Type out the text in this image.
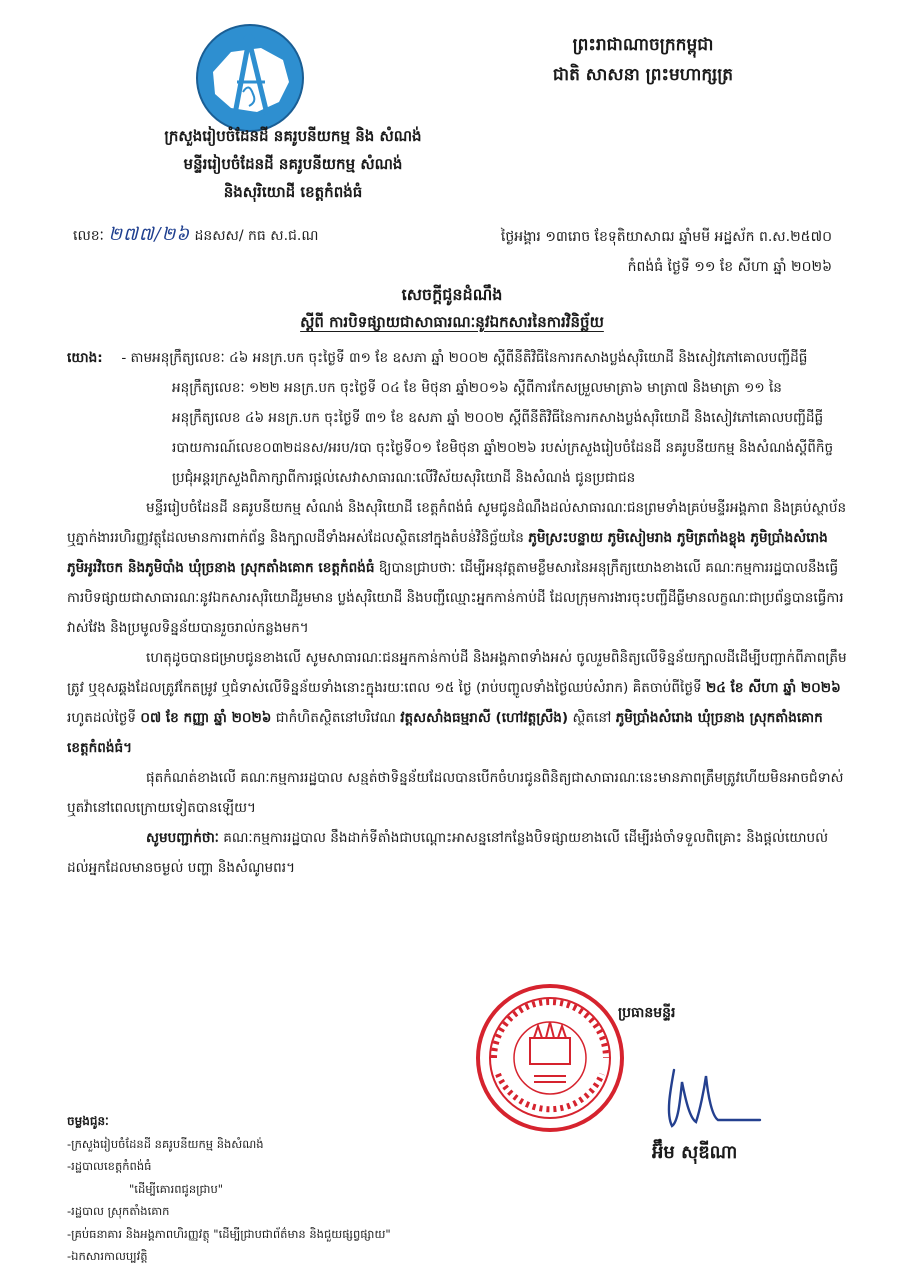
ព្រះរាជាណាចក្រកម្ពុជា
ជាតិ សាសនា ព្រះមហាក្សត្រ
ក្រសួងរៀបចំដែនដី នគរូបនីយកម្ម និង សំណង់
មន្ទីររៀបចំដែនដី នគរូបនីយកម្ម សំណង់
និងសុរិយោដី ខេត្តកំពង់ធំ
លេខៈ ២៧៧/២៦ ដនសស/ កធ ស.ជ.ណ	ថ្ងៃអង្គារ ១៣រោច ខែទុតិយាសាឍ ឆ្នាំមមី អដ្ឋស័ក ព.ស.២៥៧០
កំពង់ធំ ថ្ងៃទី ១១ ខែ សីហា ឆ្នាំ ២០២៦
សេចក្ដីជូនដំណឹង
ស្ដីពី ការបិទផ្សាយជាសាធារណៈនូវឯកសារនៃការវិនិច្ឆ័យ

យោង: - តាមអនុក្រឹត្យលេខៈ ៤៦ អនក្រ.បក ចុះថ្ងៃទី ៣១ ខែ ឧសភា ឆ្នាំ ២០០២ ស្ដីពីនីតិវិធីនៃការកសាងប្លង់សុរិយោដី និងសៀវភៅគោលបញ្ជីដីធ្លី

អនុក្រឹត្យលេខៈ ១២២ អនក្រ.បក ចុះថ្ងៃទី ០៤ ខែ មិថុនា ឆ្នាំ២០១៦ ស្ដីពីការកែសម្រួលមាត្រា៦ មាត្រា៧ និងមាត្រា ១១ នៃអនុក្រឹត្យលេខ ៤៦ អនក្រ.បក ចុះថ្ងៃទី ៣១ ខែ ឧសភា ឆ្នាំ ២០០២ ស្ដីពីនីតិវិធីនៃការកសាងប្លង់សុរិយោដី និងសៀវភៅគោលបញ្ជីដីធ្លី

របាយការណ៍លេខ០៣២ដនស/អរប/របា ចុះថ្ងៃទី០១ ខែមិថុនា ឆ្នាំ២០២៦ របស់ក្រសួងរៀបចំដែនដី នគរូបនីយកម្ម និងសំណង់ស្ដីពីកិច្ចប្រជុំអន្តរក្រសួងពិភាក្សាពីការផ្ដល់សេវាសាធារណៈលើវិស័យសុរិយោដី និងសំណង់ ជូនប្រជាជន

មន្ទីររៀបចំដែនដី នគរូបនីយកម្ម សំណង់ និងសុរិយោដី ខេត្តកំពង់ធំ សូមជូនដំណឹងដល់សាធារណៈជនព្រមទាំងគ្រប់មន្ទីរអង្គភាព និងគ្រប់ស្ថាប័ន ឬភ្នាក់ងាររហិរញ្ញវត្ថុដែលមានការពាក់ព័ន្ធ និងក្បាលដីទាំងអស់ដែលស្ថិតនៅក្នុងតំបន់វិនិច្ឆ័យនៃ ភូមិស្រះបន្ទាយ ភូមិសៀមរាង ភូមិត្រពាំងខ្លុង ភូមិប្រាំងសំរោង ភូមិអូរវិចេក និងភូមិបាំង ឃុំច្រនាង ស្រុកតាំងគោក ខេត្តកំពង់ធំ ឱ្យបានជ្រាបថាៈ ដើម្បីអនុវត្តតាមខ្លឹមសារនៃអនុក្រឹត្យយោងខាងលើ គណៈកម្មការរដ្ឋបាលនឹងធ្វើការបិទផ្សាយជាសាធារណៈនូវឯកសារសុរិយោដីរួមមាន ប្លង់សុរិយោដី និងបញ្ជីឈ្មោះអ្នកកាន់កាប់ដី ដែលក្រុមការងារចុះបញ្ជីដីធ្លីមានលក្ខណៈជាប្រព័ន្ធបានធ្វើការវាស់វែង និងប្រមូលទិន្នន័យបានរួចរាល់កន្លងមក។

ហេតុដូចបានជម្រាបជូនខាងលើ សូមសាធារណៈជនអ្នកកាន់កាប់ដី និងអង្គភាពទាំងអស់ ចូលរួមពិនិត្យលើទិន្នន័យក្បាលដីដើម្បីបញ្ជាក់ពីភាពត្រឹមត្រូវ ឬខុសឆ្គងដែលត្រូវកែតម្រូវ ឬជំទាស់លើទិន្នន័យទាំងនោះក្នុងរយៈពេល ១៥ ថ្ងៃ (រាប់បញ្ចូលទាំងថ្ងៃឈប់សំរាក) គិតចាប់ពីថ្ងៃទី ២៤ ខែ សីហា ឆ្នាំ ២០២៦ រហូតដល់ថ្ងៃទី ០៧ ខែ កញ្ញា ឆ្នាំ ២០២៦ ជាកំហិតស្ថិតនៅបរិវេណ វត្តសសាំងធម្មរាសី (ហៅវត្តស្រឹង) ស្ថិតនៅ ភូមិប្រាំងសំរោង ឃុំច្រនាង ស្រុកតាំងគោក ខេត្តកំពង់ធំ។

ផុតកំណត់ខាងលើ គណៈកម្មការរដ្ឋបាល សន្មត់ថាទិន្នន័យដែលបានបើកចំហរជូនពិនិត្យជាសាធារណៈនេះមានភាពត្រឹមត្រូវហើយមិនអាចជំទាស់ ឬតវ៉ានៅពេលក្រោយទៀតបានឡើយ។

សូមបញ្ជាក់ថាៈ គណៈកម្មការរដ្ឋបាល នឹងដាក់ទីតាំងជាបណ្ដោះអាសន្ននៅកន្លែងបិទផ្សាយខាងលើ ដើម្បីរង់ចាំទទួលពិគ្រោះ និងផ្ដល់យោបល់ដល់អ្នកដែលមានចម្ងល់ បញ្ហា និងសំណូមពរ។

ប្រធានមន្ទីរ
អ៊ឹម សុឌីណា

ចម្លងជូនៈ

-ក្រសួងរៀបចំដែនដី នគរូបនីយកម្ម និងសំណង់

-រដ្ឋបាលខេត្តកំពង់ធំ

"ដើម្បីគោរពជូនជ្រាប"

-រដ្ឋបាល ស្រុកតាំងគោក

-គ្រប់ធនាគារ និងអង្គភាពហិរញ្ញវត្ថុ "ដើម្បីជ្រាបជាព័ត៌មាន និងជួយផ្សព្វផ្សាយ"

-ឯកសារកាលប្បវត្តិ
